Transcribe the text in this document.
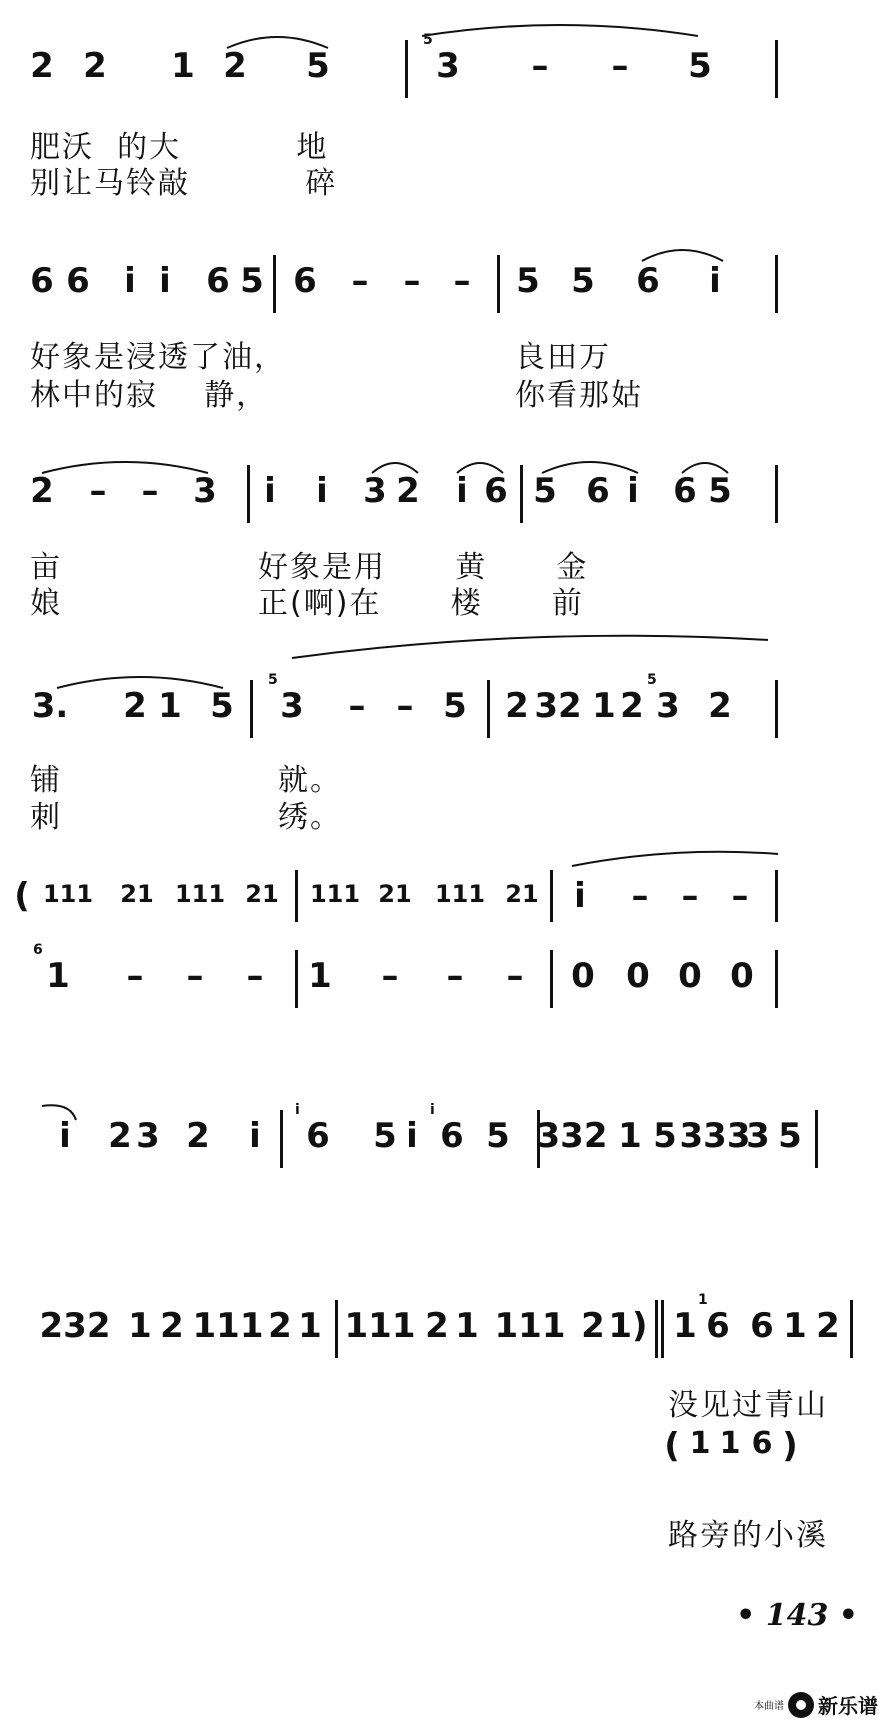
2 2 1 2 5
5
3 – – 5
肥沃  的大          地
别让马铃敲          碎
6 6 i i 6 5 6 – – – 5 5 6 i
好象是浸透了油，	良田万
林中的寂    静，	你看那姑
2 – – 3 i i 3 2 i 6 5 6 i 6 5
亩	好象是用      黄      金
娘	正(啊)在      楼      前
3. 2 1 5
5
3 – – 5 2 32 1 2
5
3 2
铺	就。
刺	绣。
( 111 21 111 21 111 21 111 21 i – – –
6
1 – – – 1 – – – 0 0 0 0
i 2 3 2 i
i
6 5 i
i
6 5 332 1 5 333
3 5
232 1 2 111 2 1 111 2 1 111 2 1) 1
1
6 6 1 2
没见过青山
( 1 1 6 )
路旁的小溪
• 143 •
本曲谱 新乐谱
